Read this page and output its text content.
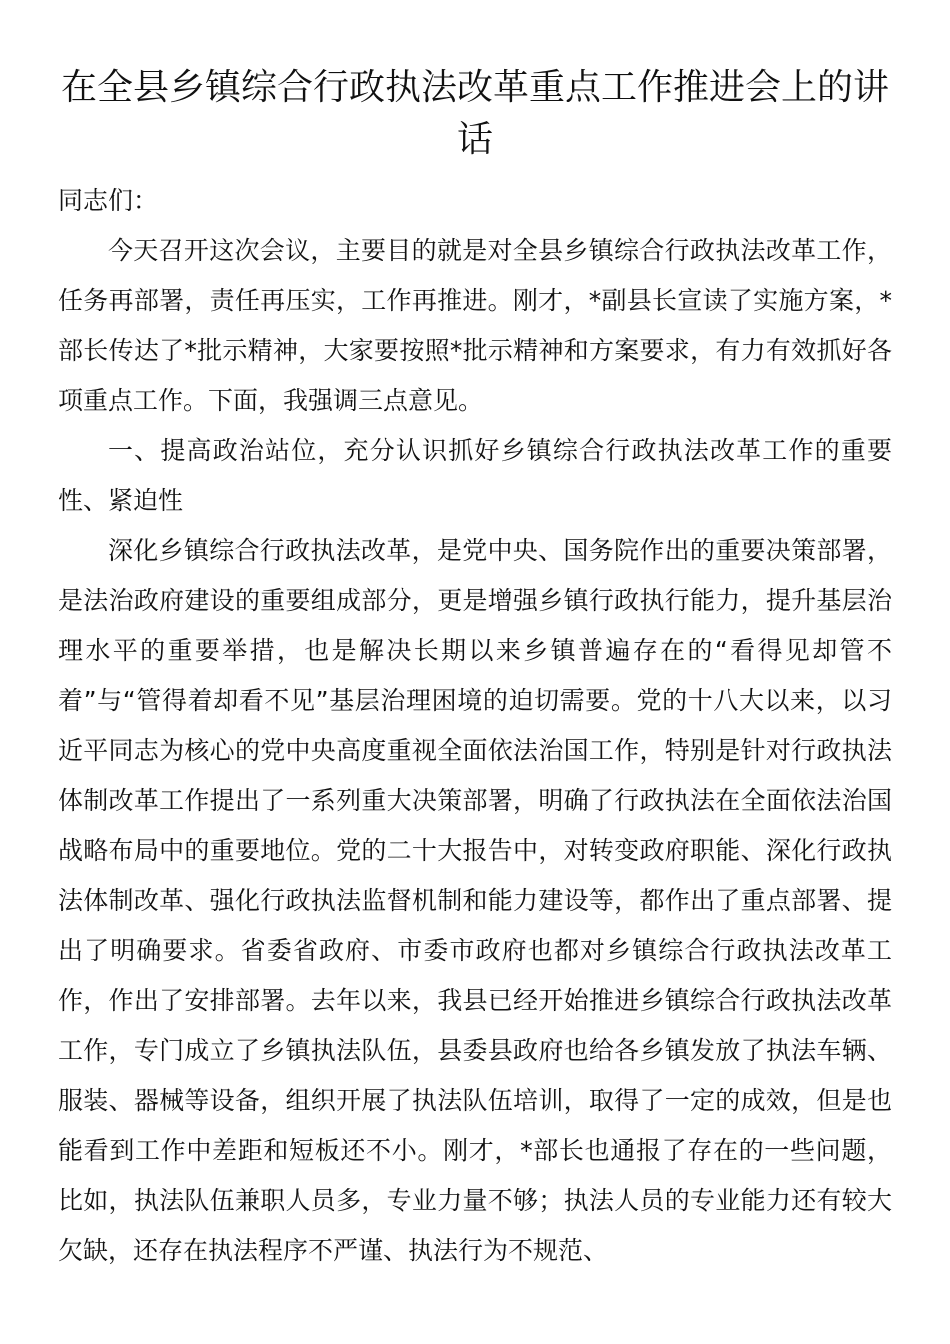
在全县乡镇综合行政执法改革重点工作推进会上的讲话

同志们：

今天召开这次会议，主要目的就是对全县乡镇综合行政执法改革工作，任务再部署，责任再压实，工作再推进。刚才，*副县长宣读了实施方案，*部长传达了*批示精神，大家要按照*批示精神和方案要求，有力有效抓好各项重点工作。下面，我强调三点意见。

一、提高政治站位，充分认识抓好乡镇综合行政执法改革工作的重要性、紧迫性

深化乡镇综合行政执法改革，是党中央、国务院作出的重要决策部署，是法治政府建设的重要组成部分，更是增强乡镇行政执行能力，提升基层治理水平的重要举措，也是解决长期以来乡镇普遍存在的“看得见却管不着”与“管得着却看不见”基层治理困境的迫切需要。党的十八大以来，以习近平同志为核心的党中央高度重视全面依法治国工作，特别是针对行政执法体制改革工作提出了一系列重大决策部署，明确了行政执法在全面依法治国战略布局中的重要地位。党的二十大报告中，对转变政府职能、深化行政执法体制改革、强化行政执法监督机制和能力建设等，都作出了重点部署、提出了明确要求。省委省政府、市委市政府也都对乡镇综合行政执法改革工作，作出了安排部署。去年以来，我县已经开始推进乡镇综合行政执法改革工作，专门成立了乡镇执法队伍，县委县政府也给各乡镇发放了执法车辆、服装、器械等设备，组织开展了执法队伍培训，取得了一定的成效，但是也能看到工作中差距和短板还不小。刚才，*部长也通报了存在的一些问题，比如，执法队伍兼职人员多，专业力量不够；执法人员的专业能力还有较大欠缺，还存在执法程序不严谨、执法行为不规范、
